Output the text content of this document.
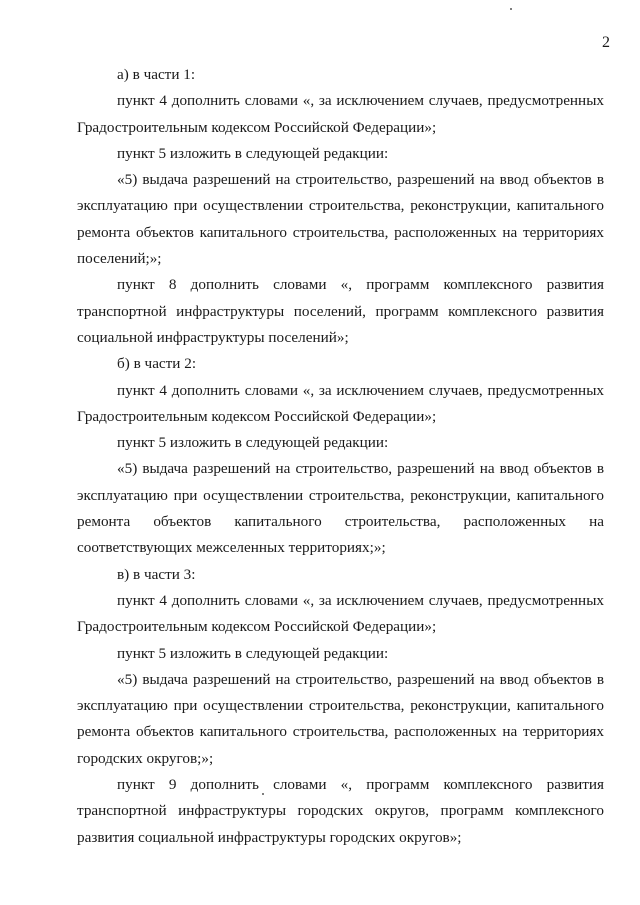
2

а) в части 1:

пункт 4 дополнить словами «, за исключением случаев, предусмотренных Градостроительным кодексом Российской Федерации»;

пункт 5 изложить в следующей редакции:

«5) выдача разрешений на строительство, разрешений на ввод объектов в эксплуатацию при осуществлении строительства, реконструкции, капитального ремонта объектов капитального строительства, расположенных на территориях поселений;»;

пункт 8 дополнить словами «, программ комплексного развития транспортной инфраструктуры поселений, программ комплексного развития социальной инфраструктуры поселений»;

б) в части 2:

пункт 4 дополнить словами «, за исключением случаев, предусмотренных Градостроительным кодексом Российской Федерации»;

пункт 5 изложить в следующей редакции:

«5) выдача разрешений на строительство, разрешений на ввод объектов в эксплуатацию при осуществлении строительства, реконструкции, капитального ремонта объектов капитального строительства, расположенных на соответствующих межселенных территориях;»;

в) в части 3:

пункт 4 дополнить словами «, за исключением случаев, предусмотренных Градостроительным кодексом Российской Федерации»;

пункт 5 изложить в следующей редакции:

«5) выдача разрешений на строительство, разрешений на ввод объектов в эксплуатацию при осуществлении строительства, реконструкции, капитального ремонта объектов капитального строительства, расположенных на территориях городских округов;»;

пункт 9 дополнить словами «, программ комплексного развития транспортной инфраструктуры городских округов, программ комплексного развития социальной инфраструктуры городских округов»;
